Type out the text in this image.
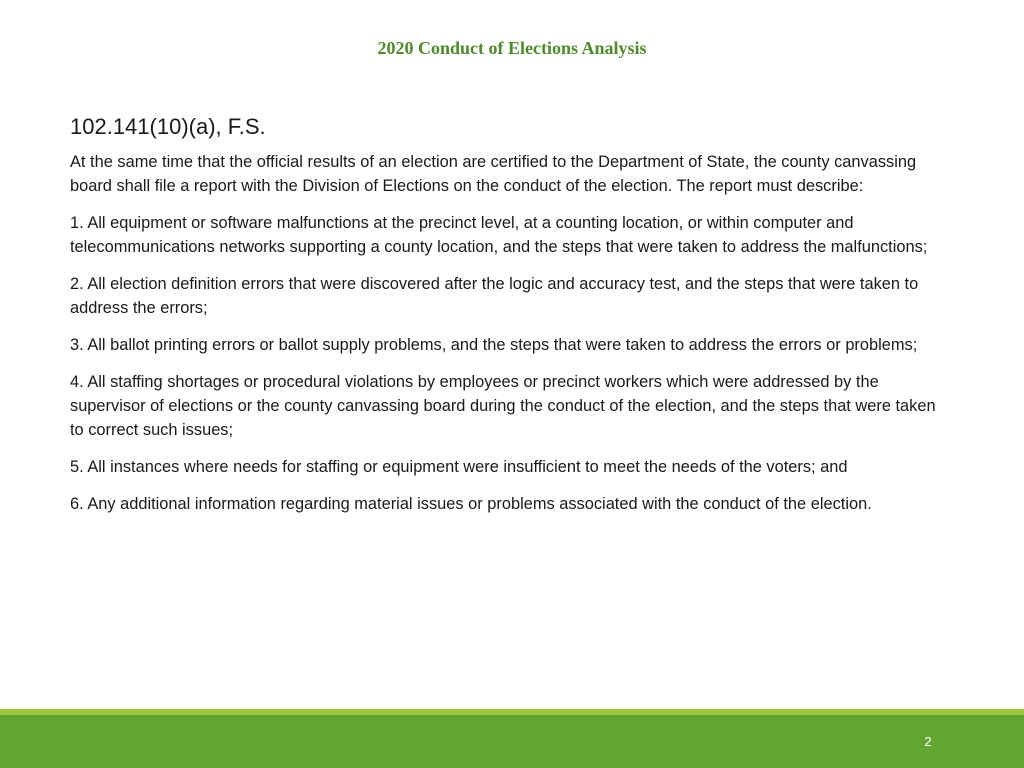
2020 Conduct of Elections Analysis
102.141(10)(a), F.S.

At the same time that the official results of an election are certified to the Department of State, the county canvassing board shall file a report with the Division of Elections on the conduct of the election. The report must describe:

1. All equipment or software malfunctions at the precinct level, at a counting location, or within computer and telecommunications networks supporting a county location, and the steps that were taken to address the malfunctions;

2. All election definition errors that were discovered after the logic and accuracy test, and the steps that were taken to address the errors;

3. All ballot printing errors or ballot supply problems, and the steps that were taken to address the errors or problems;

4. All staffing shortages or procedural violations by employees or precinct workers which were addressed by the supervisor of elections or the county canvassing board during the conduct of the election, and the steps that were taken to correct such issues;

5. All instances where needs for staffing or equipment were insufficient to meet the needs of the voters; and

6. Any additional information regarding material issues or problems associated with the conduct of the election.

2
